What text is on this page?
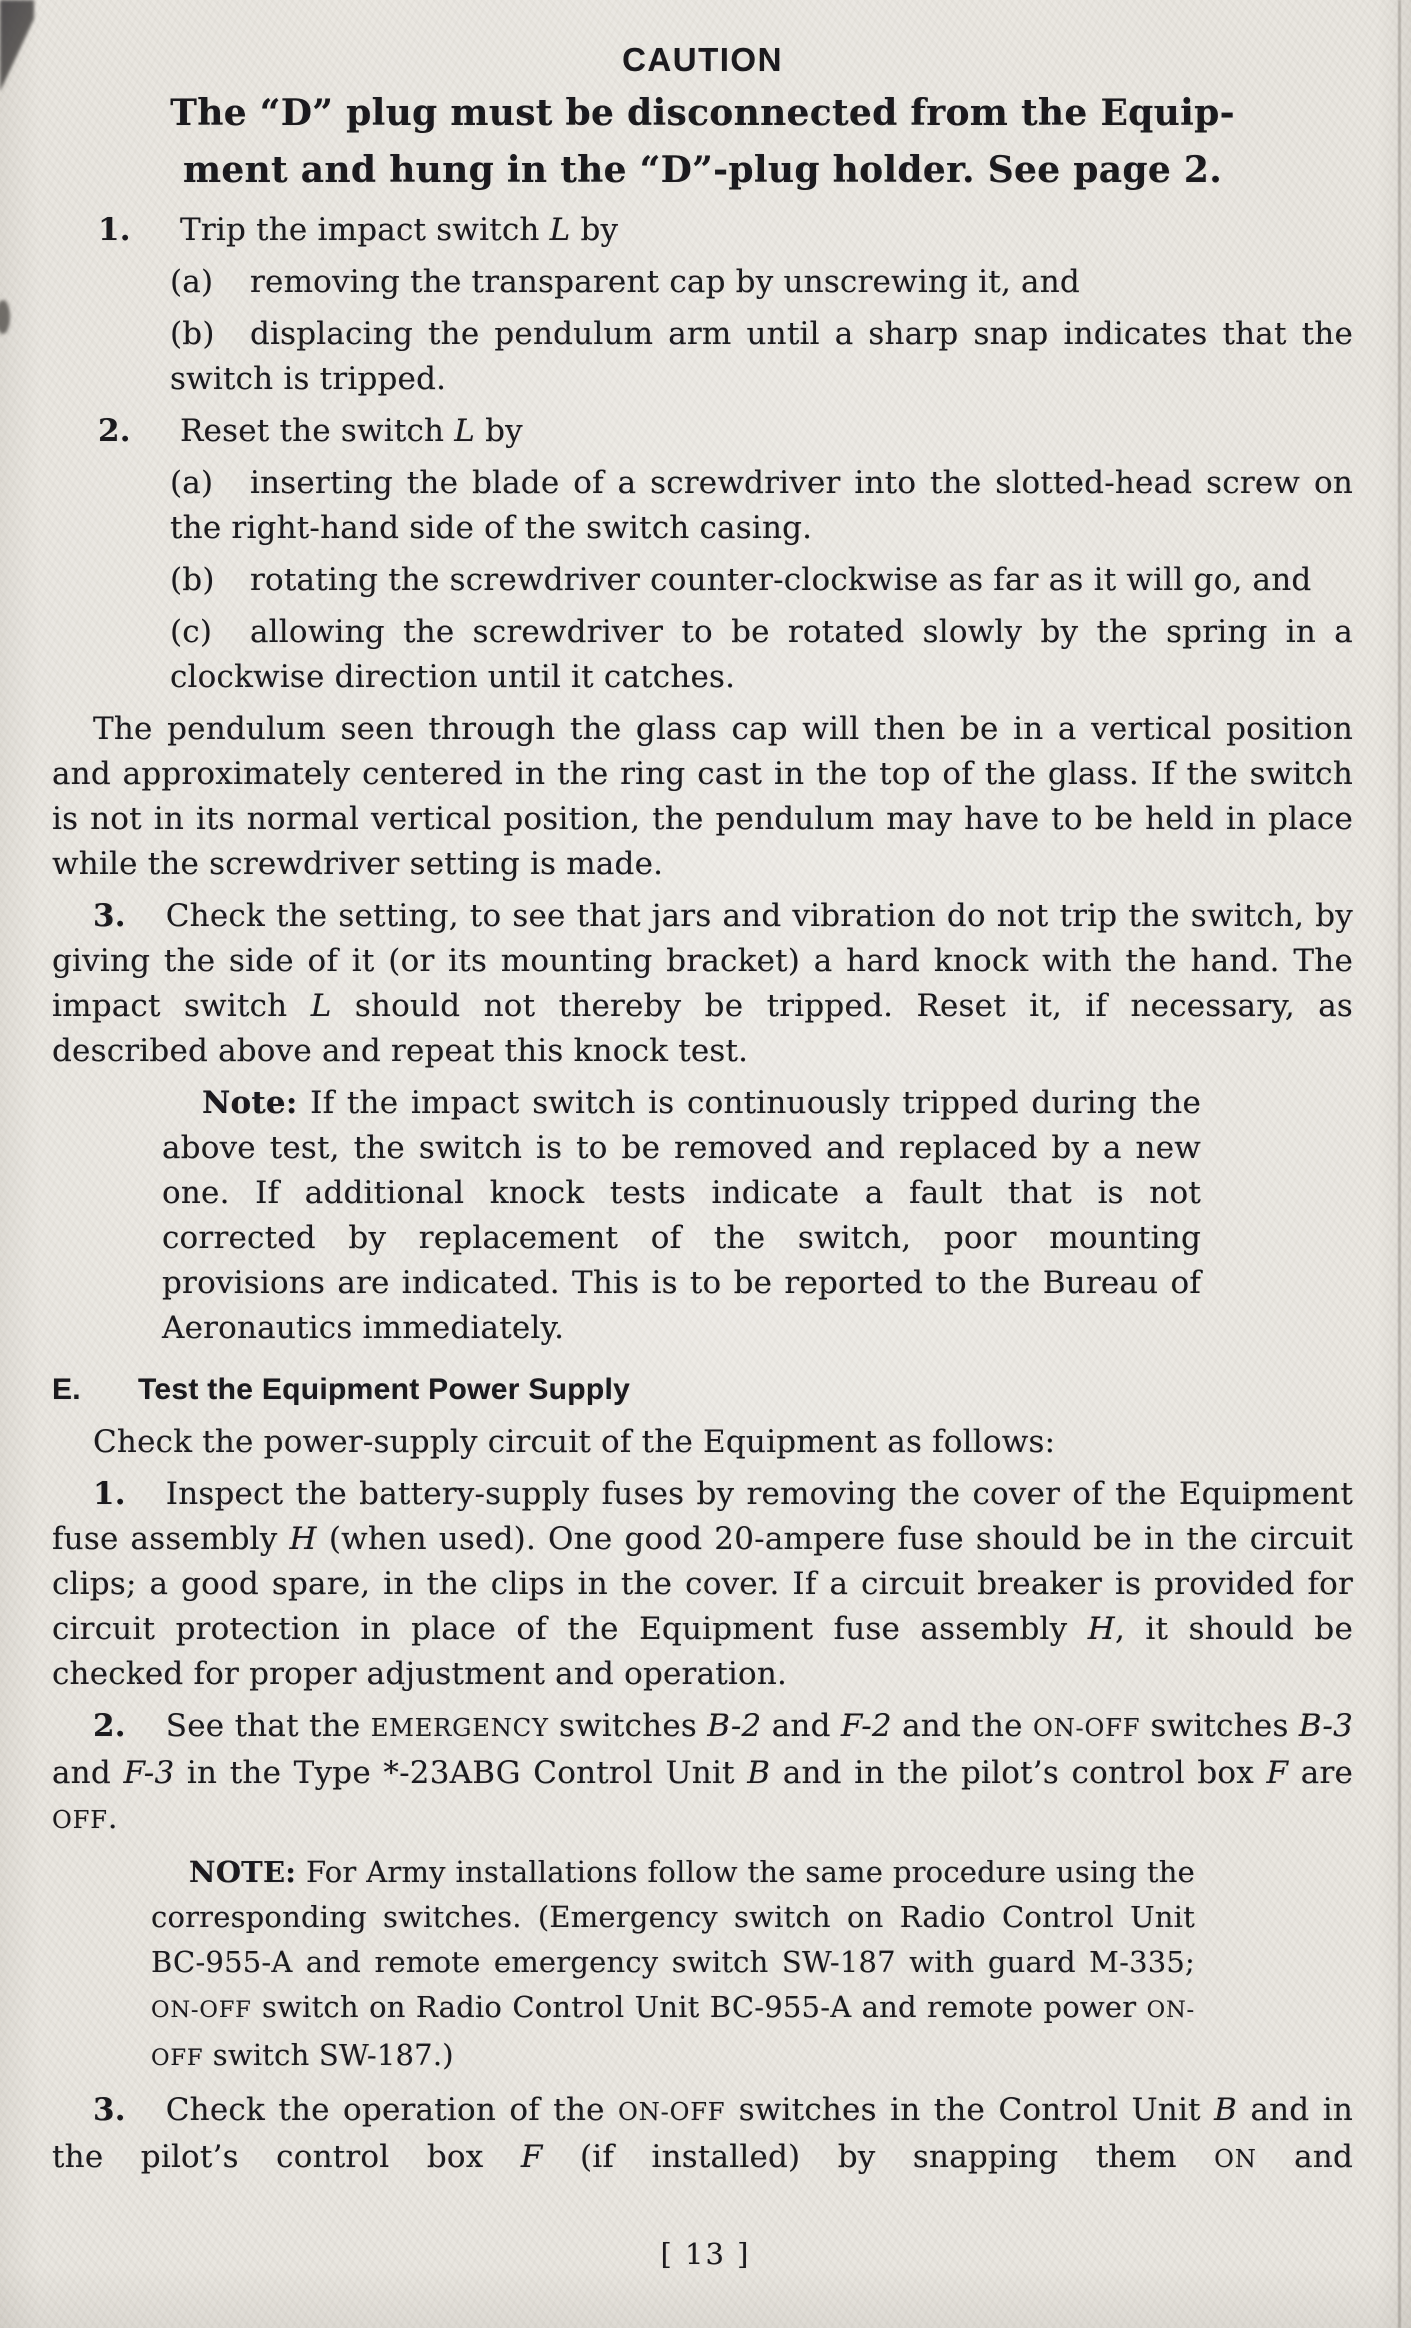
CAUTION

The “D” plug must be disconnected from the Equip-
ment and hung in the “D”-plug holder. See page 2.

1. Trip the impact switch L by

(a) removing the transparent cap by unscrewing it, and

(b) displacing the pendulum arm until a sharp snap indicates that the switch is tripped.

2. Reset the switch L by

(a) inserting the blade of a screwdriver into the slotted-head screw on the right-hand side of the switch casing.

(b) rotating the screwdriver counter-clockwise as far as it will go, and

(c) allowing the screwdriver to be rotated slowly by the spring in a clockwise direction until it catches.

The pendulum seen through the glass cap will then be in a vertical position and approximately centered in the ring cast in the top of the glass. If the switch is not in its normal vertical position, the pendulum may have to be held in place while the screwdriver setting is made.

3. Check the setting, to see that jars and vibration do not trip the switch, by giving the side of it (or its mounting bracket) a hard knock with the hand. The impact switch L should not thereby be tripped. Reset it, if necessary, as described above and repeat this knock test.

Note: If the impact switch is continuously tripped during the above test, the switch is to be removed and replaced by a new one. If additional knock tests indicate a fault that is not corrected by replacement of the switch, poor mounting provisions are indicated. This is to be reported to the Bureau of Aeronautics immediately.

E. Test the Equipment Power Supply

Check the power-supply circuit of the Equipment as follows:

1. Inspect the battery-supply fuses by removing the cover of the Equipment fuse assembly H (when used). One good 20-ampere fuse should be in the circuit clips; a good spare, in the clips in the cover. If a circuit breaker is provided for circuit protection in place of the Equipment fuse assembly H, it should be checked for proper adjustment and operation.

2. See that the EMERGENCY switches B-2 and F-2 and the ON-OFF switches B-3 and F-3 in the Type *-23ABG Control Unit B and in the pilot’s control box F are OFF.

NOTE: For Army installations follow the same procedure using the corresponding switches. (Emergency switch on Radio Control Unit BC-955-A and remote emergency switch SW-187 with guard M-335; ON-OFF switch on Radio Control Unit BC-955-A and remote power ON-OFF switch SW-187.)

3. Check the operation of the ON-OFF switches in the Control Unit B and in the pilot’s control box F (if installed) by snapping them ON and

[ 13 ]
